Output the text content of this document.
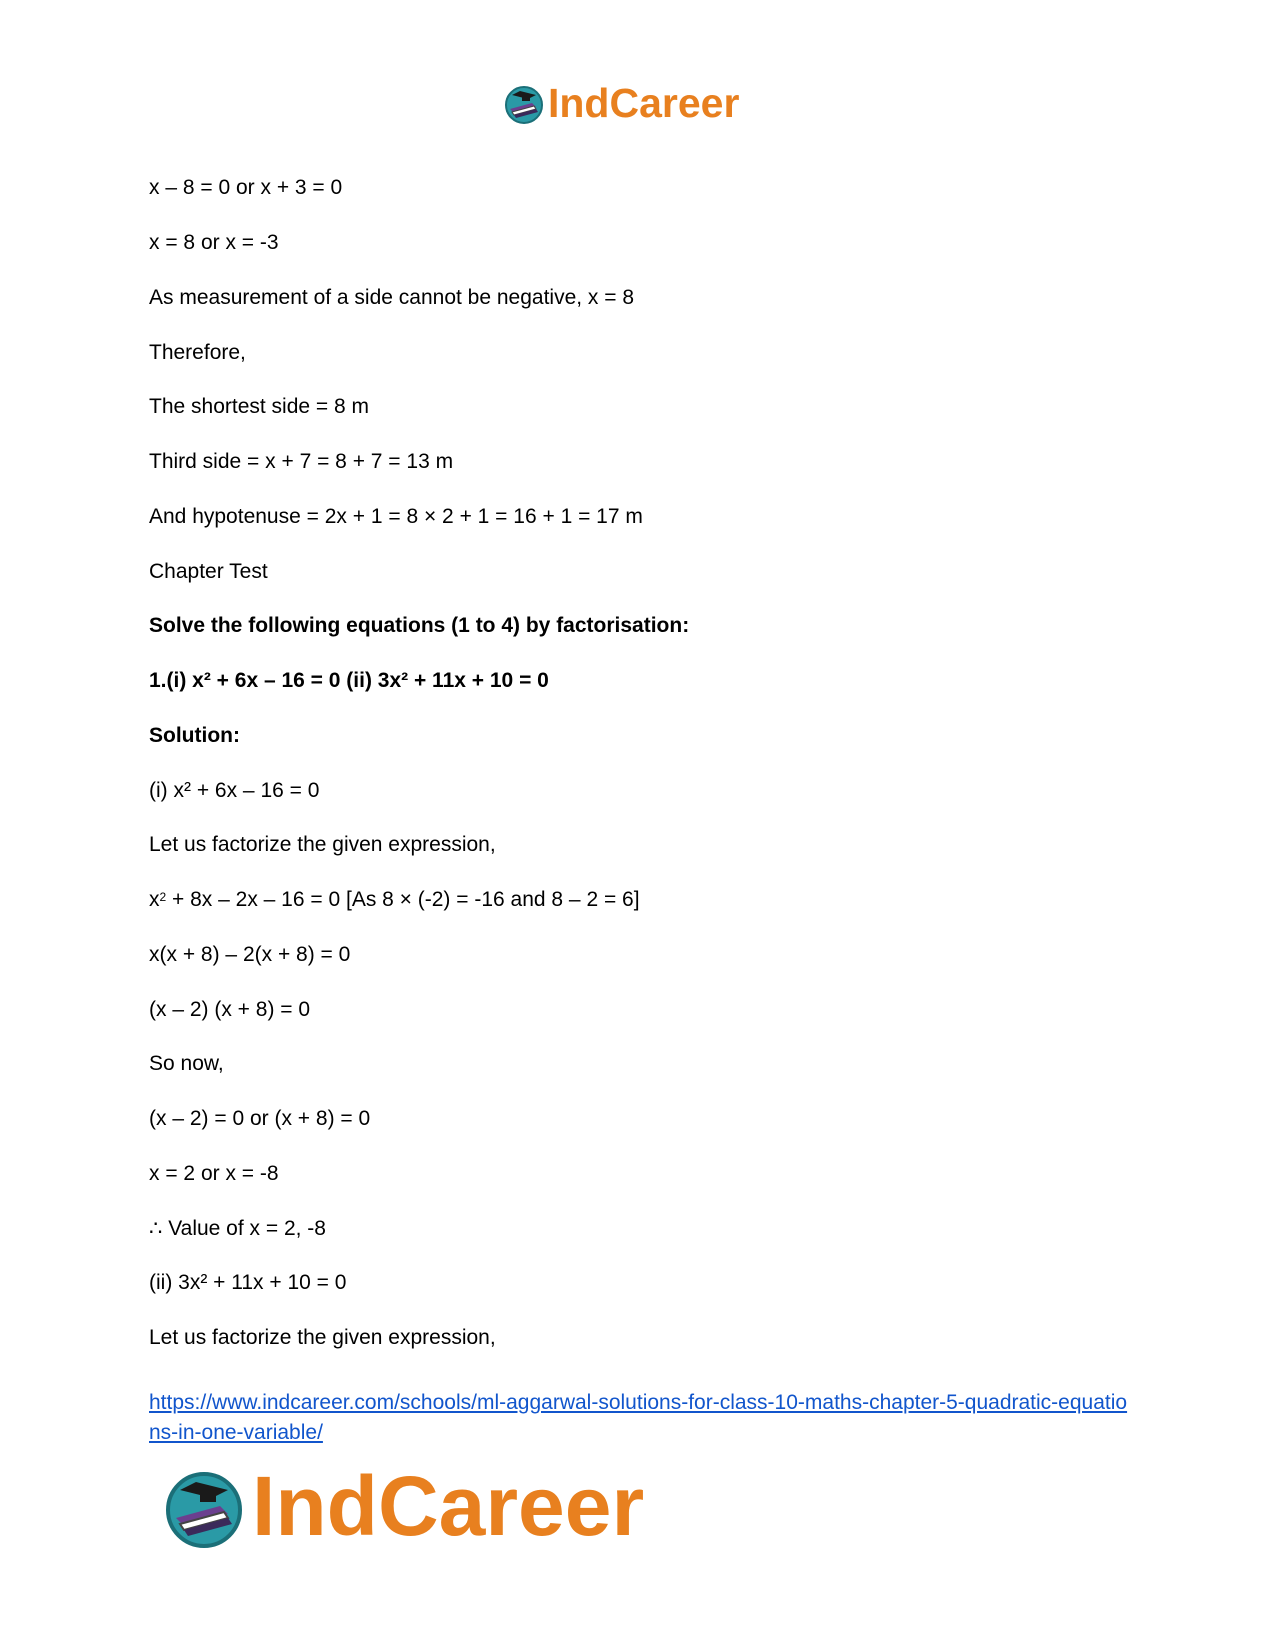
IndCareer
x – 8 = 0 or x + 3 = 0
x = 8 or x = -3
As measurement of a side cannot be negative, x = 8
Therefore,
The shortest side = 8 m
Third side = x + 7 = 8 + 7 = 13 m
And hypotenuse = 2x + 1 = 8 × 2 + 1 = 16 + 1 = 17 m
Chapter Test
Solve the following equations (1 to 4) by factorisation:
1.(i) x² + 6x – 16 = 0 (ii) 3x² + 11x + 10 = 0
Solution:
(i) x² + 6x – 16 = 0
Let us factorize the given expression,
$x^2 + 8x - 2x - 16 = 0$ [As 8 × (-2) = -16 and 8 – 2 = 6]
x(x + 8) – 2(x + 8) = 0
(x – 2) (x + 8) = 0
So now,
(x – 2) = 0 or (x + 8) = 0
x = 2 or x = -8
∴ Value of x = 2, -8
(ii) 3x² + 11x + 10 = 0
Let us factorize the given expression,
https://www.indcareer.com/schools/ml-aggarwal-solutions-for-class-10-maths-chapter-5-quadratic-equations-in-one-variable/
IndCareer
